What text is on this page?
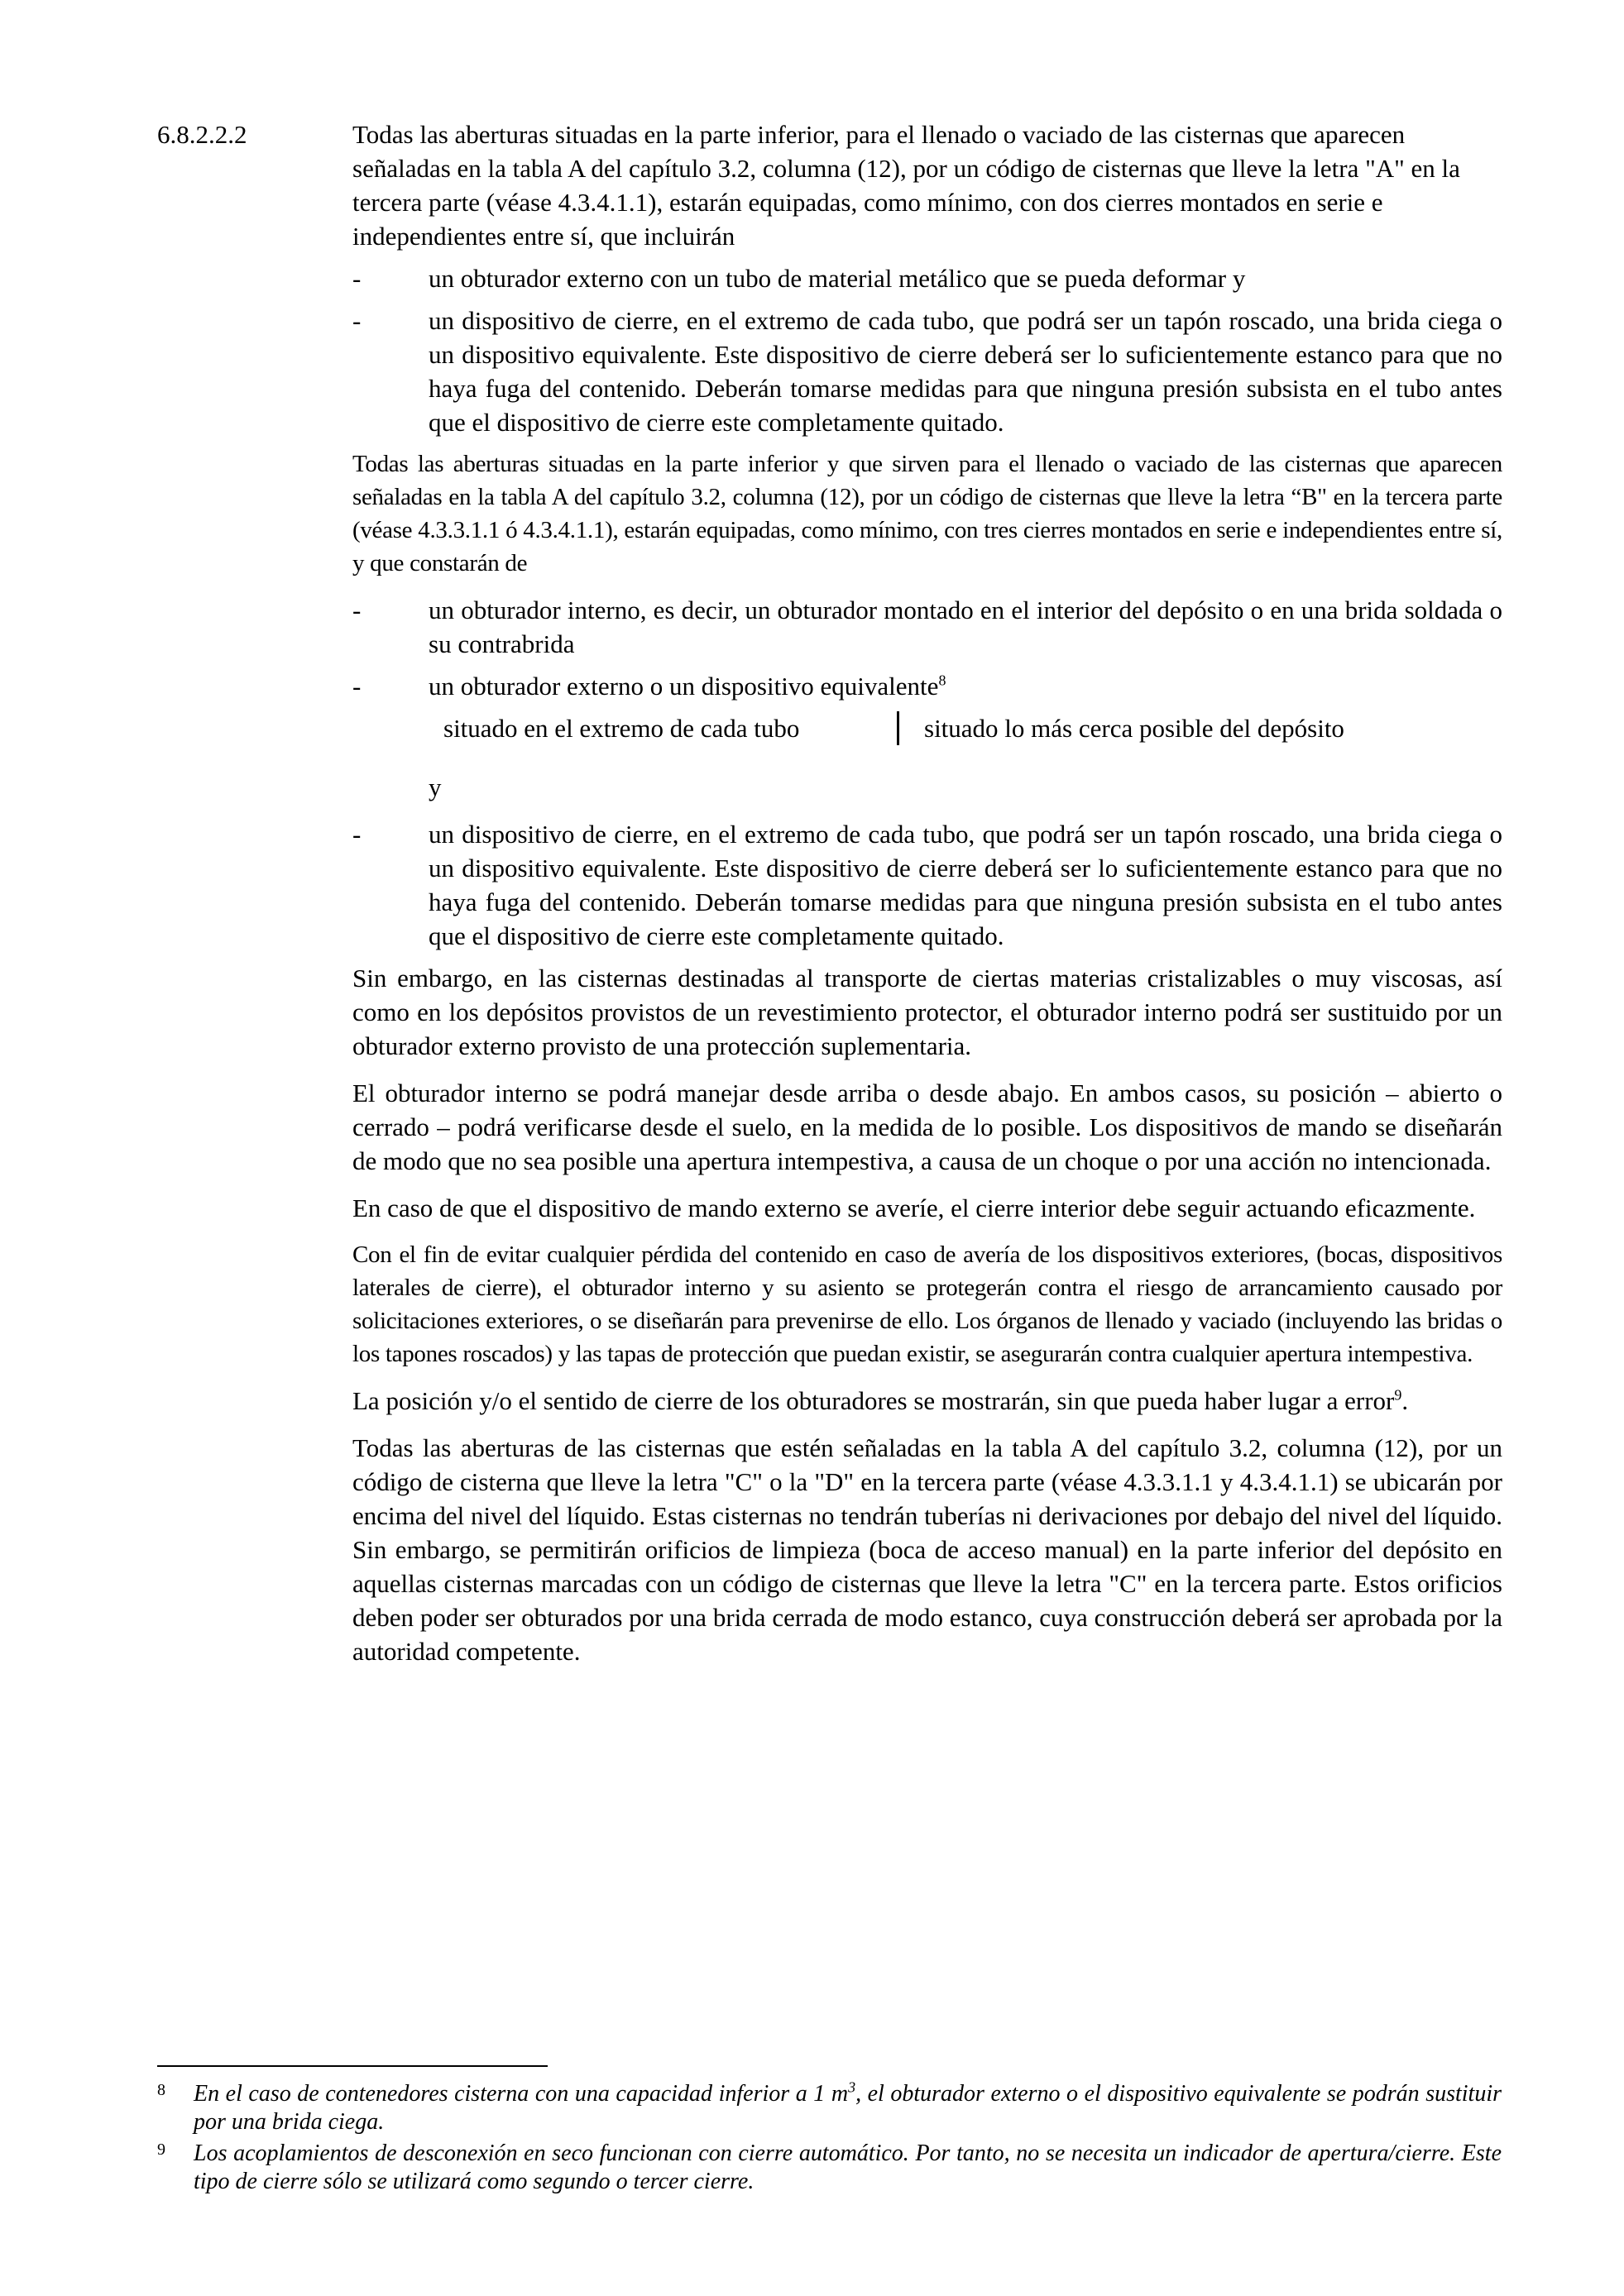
6.8.2.2.2	Todas las aberturas situadas en la parte inferior, para el llenado o vaciado de las cisternas que aparecen señaladas en la tabla A del capítulo 3.2, columna (12), por un código de cisternas que lleve la letra "A" en la tercera parte (véase 4.3.4.1.1), estarán equipadas, como mínimo, con dos cierres montados en serie e independientes entre sí, que incluirán

-	un obturador externo con un tubo de material metálico que se pueda deformar y
-	un dispositivo de cierre, en el extremo de cada tubo, que podrá ser un tapón roscado, una brida ciega o un dispositivo equivalente. Este dispositivo de cierre deberá ser lo suficientemente estanco para que no haya fuga del contenido. Deberán tomarse medidas para que ninguna presión subsista en el tubo antes que el dispositivo de cierre este completamente quitado.

Todas las aberturas situadas en la parte inferior y que sirven para el llenado o vaciado de las cisternas que aparecen señaladas en la tabla A del capítulo 3.2, columna (12), por un código de cisternas que lleve la letra “B" en la tercera parte (véase 4.3.3.1.1 ó 4.3.4.1.1), estarán equipadas, como mínimo, con tres cierres montados en serie e independientes entre sí, y que constarán de

-	un obturador interno, es decir, un obturador montado en el interior del depósito o en una brida soldada o su contrabrida
-	un obturador externo o un dispositivo equivalente$^8$
situado en el extremo de cada tubo	situado lo más cerca posible del depósito
y
-	un dispositivo de cierre, en el extremo de cada tubo, que podrá ser un tapón roscado, una brida ciega o un dispositivo equivalente. Este dispositivo de cierre deberá ser lo suficientemente estanco para que no haya fuga del contenido. Deberán tomarse medidas para que ninguna presión subsista en el tubo antes que el dispositivo de cierre este completamente quitado.

Sin embargo, en las cisternas destinadas al transporte de ciertas materias cristalizables o muy viscosas, así como en los depósitos provistos de un revestimiento protector, el obturador interno podrá ser sustituido por un obturador externo provisto de una protección suplementaria.

El obturador interno se podrá manejar desde arriba o desde abajo. En ambos casos, su posición – abierto o cerrado – podrá verificarse desde el suelo, en la medida de lo posible. Los dispositivos de mando se diseñarán de modo que no sea posible una apertura intempestiva, a causa de un choque o por una acción no intencionada.

En caso de que el dispositivo de mando externo se averíe, el cierre interior debe seguir actuando eficazmente.

Con el fin de evitar cualquier pérdida del contenido en caso de avería de los dispositivos exteriores, (bocas, dispositivos laterales de cierre), el obturador interno y su asiento se protegerán contra el riesgo de arrancamiento causado por solicitaciones exteriores, o se diseñarán para prevenirse de ello. Los órganos de llenado y vaciado (incluyendo las bridas o los tapones roscados) y las tapas de protección que puedan existir, se asegurarán contra cualquier apertura intempestiva.

La posición y/o el sentido de cierre de los obturadores se mostrarán, sin que pueda haber lugar a error$^9$.

Todas las aberturas de las cisternas que estén señaladas en la tabla A del capítulo 3.2, columna (12), por un código de cisterna que lleve la letra "C" o la "D" en la tercera parte (véase 4.3.3.1.1 y 4.3.4.1.1) se ubicarán por encima del nivel del líquido. Estas cisternas no tendrán tuberías ni derivaciones por debajo del nivel del líquido. Sin embargo, se permitirán orificios de limpieza (boca de acceso manual) en la parte inferior del depósito en aquellas cisternas marcadas con un código de cisternas que lleve la letra "C" en la tercera parte. Estos orificios deben poder ser obturados por una brida cerrada de modo estanco, cuya construcción deberá ser aprobada por la autoridad competente.

8	En el caso de contenedores cisterna con una capacidad inferior a 1 $m^3$, el obturador externo o el dispositivo equivalente se podrán sustituir por una brida ciega.
9	Los acoplamientos de desconexión en seco funcionan con cierre automático. Por tanto, no se necesita un indicador de apertura/cierre. Este tipo de cierre sólo se utilizará como segundo o tercer cierre.
